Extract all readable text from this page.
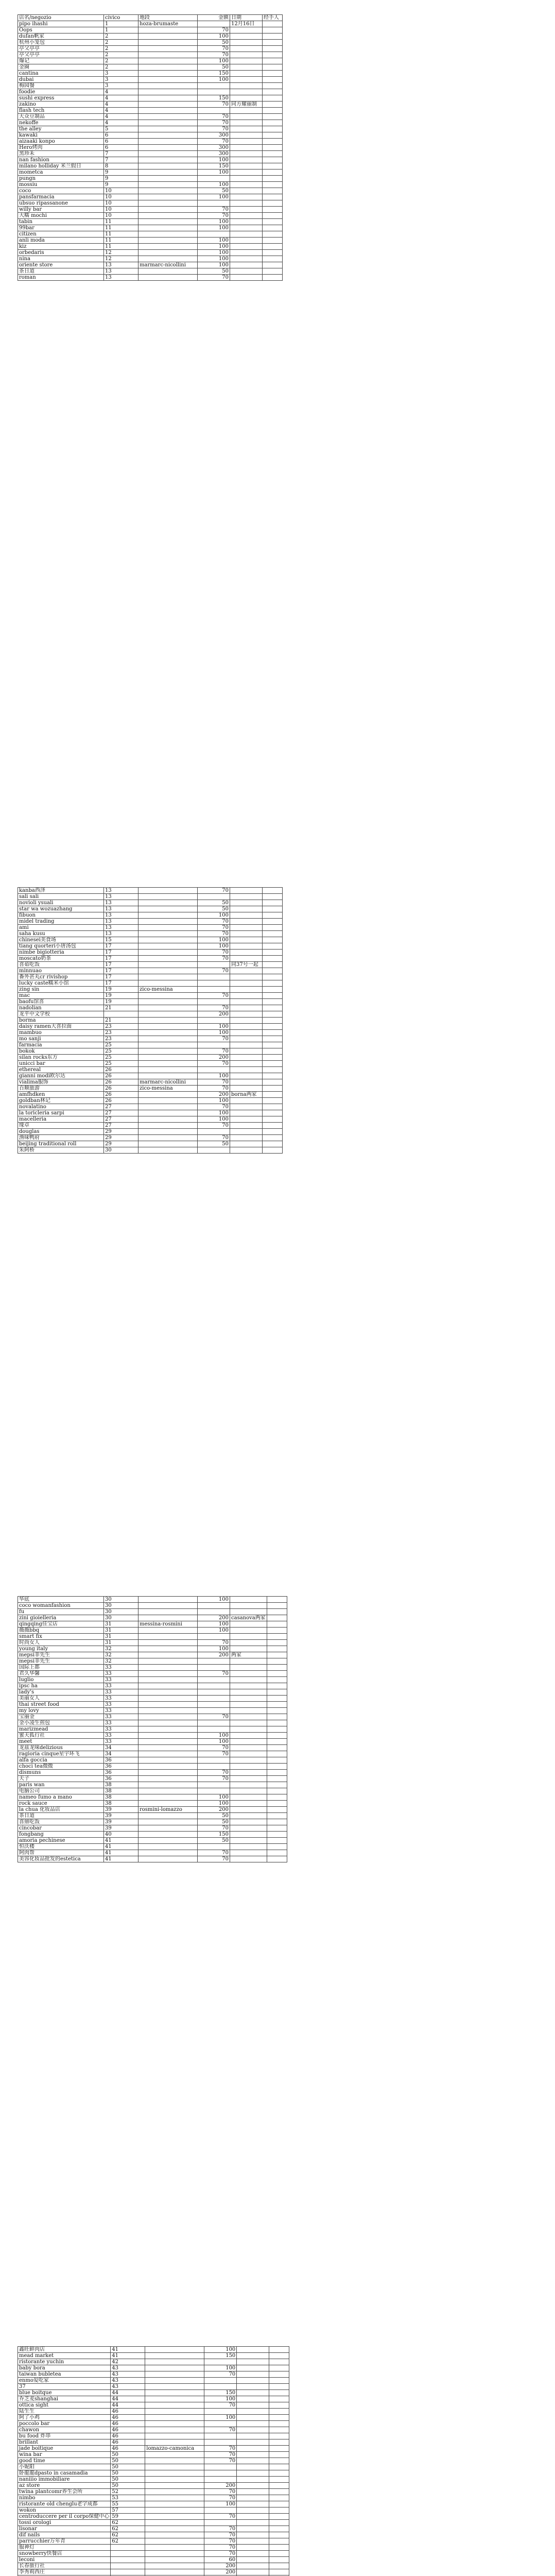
店名/negozio	civico	地段	金额	日期	经手人
pipo ihashi	1	hoza-brumaste		12月16日	
Oops	1		70		
dufan帆家	2		100		
杭州小笼包	2		50		
亭父亭亭	2		70		
亭父亭亭	2		70		
爆记	2		100		
金圈	2		50		
cantina	3		150		
dubai	3		100		
梅园餐	3				
foodie	4				
sushi express	4		150		
zakino	4		70	同方耀丽制	
flash tech	4				
大众豆制品	4		70		
nekoffe	4		70		
the alley	5		70		
kawaki	6		300		
aizaaki konpo	6		70		
Hero烤肉	6		300		
黑珍禾	7		300		
nan fashion	7		100		
milano holliday 米兰假日	8		150		
mometca	9		100		
pungn	9				
mossiu	9		100		
coco	10		50		
pansfarmacia	10		100		
ubsuo ripassanone	10				
willy bar	10		70		
大糯 mochi	10		70		
tabin	11		100		
99bar	11		100		
citizen	11				
anli moda	11		100		
kiz	11		100		
orbedaris	12		100		
nina	12		100		
oriente store	13	marmarc-nicollini	100		
茶日道	13		50		
roman	13		70		
kanba西泽	13		70		
sali sali	13				
novioli ysuali	13		50		
star wa wozuazhang	13		50		
fibuon	13		100		
midel trading	13		70		
ami	13		70		
saha kusu	13		70		
chinesei美食场	15		100		
tiang quorteri小唐汤包	17		100		
nimbe bigiotteria	17		70		
moscato奶茶	17		70		
喜茹吃饭	17			同37号一起	
minnuao	17		70		
番外甚丸cr rivishop	17				
lucky caste糯米小馆	17				
zing sin	19	zico-messina			
mac	19		70		
baofu馆喜	19				
nadolian	21		70		
龙平中文学校			200		
borma	21				
daisy ramen大喜拉面	23		100		
mambuo	23		100		
mo sanji	23		70		
farmacia	25				
bokok	25		70		
silan rocks东方	25		200		
unicci bar	25		70		
ethereal	26				
gianni modi欧尔达	26		100		
vialima服饰	26	marmarc-nicollini	70		
百顺旅游	26	zico-messina	70		
amfhdken	26		200	borna两家	
goldban林记	26		100		
novalatino	27		70		
la toricleria sarpi	27		100		
macelleria	27		100		
缘卓	27		70		
douglas	29				
渔味鸭府	29		70		
beijing traditional roll	29		50		
朱阿桥	30				
华底	30		100		
coco womanfashion	30				
fu	30				
zini gioielleria	30		200	casanova两家	
qingqing佳宝店	31	messina-rosmini	100		
薇薇bbq	31		100		
smart fix	31				
时尚女人	31		70		
young italy	32		100		
mepsi菲先生	32		200	两家	
mepsi菲先生	32				
国际上都	33				
君久华馨	33		70		
luglio	33				
ipsc ha	33				
lady's	33				
美丽女人	33				
thai street food	33				
my lovy	33				
宝丽金	33		70		
金小凌生煎包	33				
marizmead	33				
蜜天狐行社	33		100		
meet	33		100		
龙兹龙味delizious	34		70		
ragioria cinque星宇环飞	34		70		
alfa goccia	36				
choci tea微微	36				
dismuns	36		70		
天子	36		70		
paris wan	38				
电脑公司	38				
nameo fumo a mano	38		100		
rock sauce	38		100		
la chua 化妆品店	39	rosmini-lomazzo	200		
茶日道	39		50		
喜鼎吃饭	39		50		
cincobar	39		70		
fongbang	40		150		
amoria pechinese	41		50		
恒沃楼	41				
阿肉帮	41		70		
美容化妆品批发的estetica	41		70		
鑫旺鲜肉店	41		100		
mead market	41		150		
ristorante yuchin	42				
baby bora	43		100		
taiwan bubletea	43		70		
enmo爱吃家	43				
37	43				
blue boitque	44		150		
乔芝麦shanghai	44		100		
ottica sight	44		70		
陆生生	46				
阿了小鸡	46		100		
poccolo bar	46				
chawon	46		70		
bu food 炸串	46				
brillant	46				
jade boitique	46	lomazzo-camonica	70		
wina bar	50		70		
good time	50		70		
小妮阳	50				
卧龍龍dpasto in casamadia	50				
naniiio immobiliare	50				
az store	50		200		
twina plantcomr养生会所	52		70		
nimbo	53		70		
ristorante old chenglu老字成都	55		100		
wokon	57				
centroduccere per il corpo保健中心	59		70		
tossi orologi	62				
lisonar	62		70		
dif nails	62		70		
parrucchier万年青	62		70		
服神灯			70		
snowberry快餐店			70		
leconi			60		
长春旅行社			200		
李秀莉西庄			200		
